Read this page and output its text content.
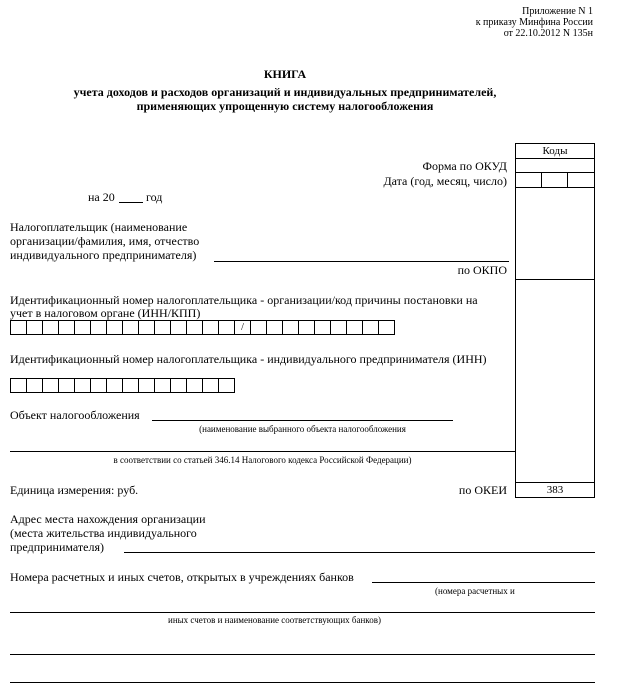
Приложение N 1
к приказу Минфина России
от 22.10.2012 N 135н
КНИГА
учета доходов и расходов организаций и индивидуальных предпринимателей,
применяющих упрощенную систему налогообложения
Коды
383
Форма по ОКУД
Дата (год, месяц, число)
на 20	год
Налогоплательщик (наименование
организации/фамилия, имя, отчество
индивидуального предпринимателя)
по ОКПО
Идентификационный номер налогоплательщика - организации/код причины постановки на
учет в налоговом органе (ИНН/КПП)
/
Идентификационный номер налогоплательщика - индивидуального предпринимателя (ИНН)
Объект налогообложения
(наименование выбранного объекта налогообложения
в соответствии со статьей 346.14 Налогового кодекса Российской Федерации)
Единица измерения: руб.	по ОКЕИ
Адрес места нахождения организации
(места жительства индивидуального
предпринимателя)
Номера расчетных и иных счетов, открытых в учреждениях банков
(номера расчетных и
иных счетов и наименование соответствующих банков)
